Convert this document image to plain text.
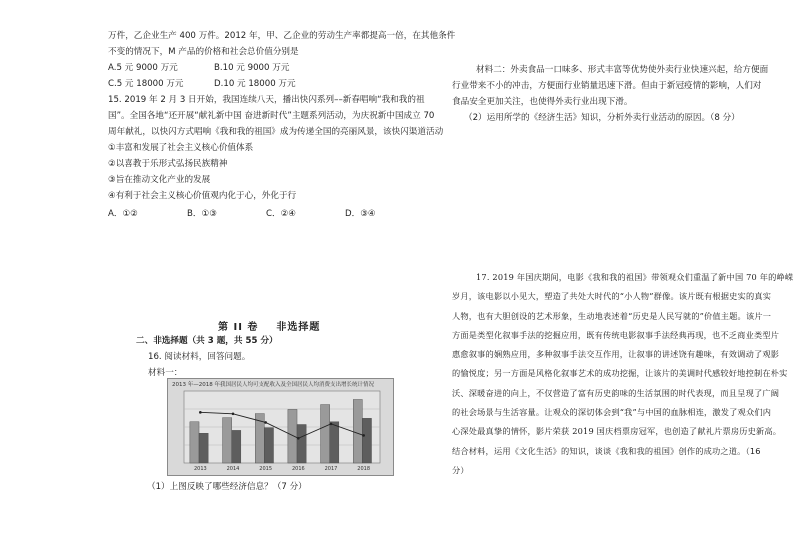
万件，乙企业生产 400 万件。2012 年，甲、乙企业的劳动生产率都提高一倍，在其他条件
不变的情况下，M 产品的价格和社会总价值分别是
A.5 元 9000 万元	B.10 元 9000 万元
C.5 元 18000 万元	D.10 元 18000 万元
15. 2019 年 2 月 3 日开始，我国连续八天，播出快闪系列––新春唱响“我和我的祖
国”。全国各地“还开展“献礼新中国 奋进新时代”主题系列活动，为庆祝新中国成立 70
周年献礼，以快闪方式唱响《我和我的祖国》成为传递全国的亮丽风景，该快闪渠道活动
①丰富和发展了社会主义核心价值体系
②以喜教于乐形式弘扬民族精神
③旨在推动文化产业的发展
④有利于社会主义核心价值观内化于心，外化于行
A．①②	B．①③	C．②④	D．③④
第 II 卷 非选择题
二、非选择题（共 3 题，共 55 分）
16. 阅读材料，回答问题。
材料一：
2013 年—2018 年我国居民人均可支配收入及全国居民人均消费支出增长统计情况
2013	2014	2015	2016	2017	2018
（1）上图反映了哪些经济信息？（7 分）
材料二：外卖食品一口味多、形式丰富等优势使外卖行业快速兴起，给方便面
行业带来不小的冲击，方便面行业销量迅速下滑。但由于新冠疫情的影响，人们对
食品安全更加关注，也使得外卖行业出现下滑。
（2）运用所学的《经济生活》知识，分析外卖行业活动的原因。（8 分）
17. 2019 年国庆期间，电影《我和我的祖国》带领观众们重温了新中国 70 年的峥嵘
岁月，该电影以小见大，塑造了共处大时代的“小人物”群像。该片既有根据史实的真实
人物，也有大胆创设的艺术形象，生动地表述着“历史是人民写就的”价值主题。该片一
方面是类型化叙事手法的挖掘应用，既有传统电影叙事手法经典再现，也不乏商业类型片
惠愈叙事的娴熟应用，多种叙事手法交互作用，让叙事的讲述饶有趣味，有效调动了观影
的愉悦度；另一方面是风格化叙事艺术的成功挖掘，让该片的美调时代感较好地控制在朴实
沃、深暖奋进的向上，不仅营造了富有历史韵味的生活氛围的时代表现，而且呈现了广阔
的社会场景与生活容量。让观众的深切体会到“我”与中国的血脉相连，激发了观众们内
心深处最真挚的情怀，影片荣获 2019 国庆档票房冠军，也创造了献礼片票房历史新高。
结合材料，运用《文化生活》的知识，谈谈《我和我的祖国》创作的成功之道。（16
分）
